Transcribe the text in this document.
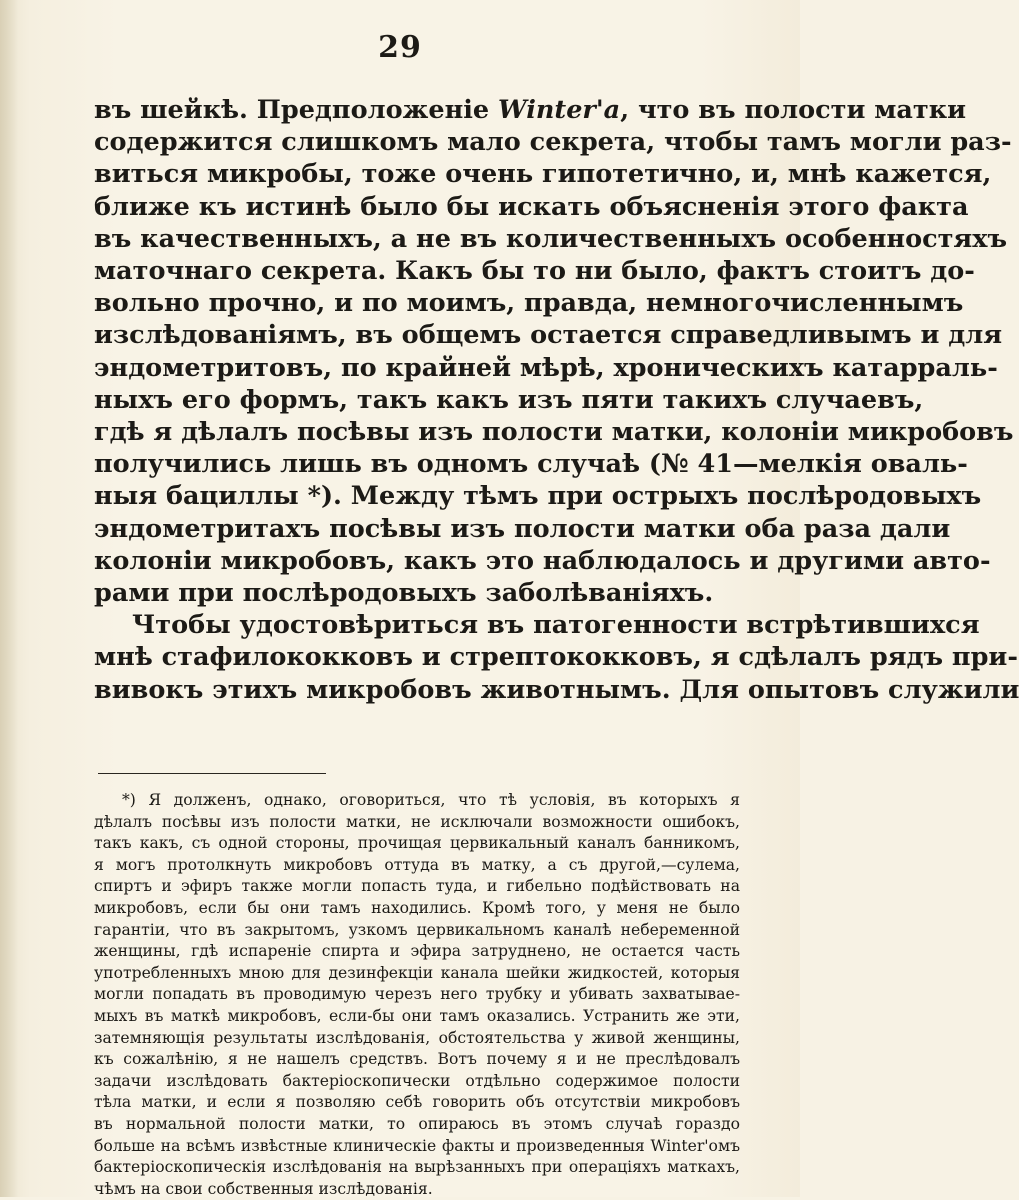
29
въ шейкѣ. Предположеніе Winter'a, что въ полости матки
содержится слишкомъ мало секрета, чтобы тамъ могли раз-
виться микробы, тоже очень гипотетично, и, мнѣ кажется,
ближе къ истинѣ было бы искать объясненія этого факта
въ качественныхъ, а не въ количественныхъ особенностяхъ
маточнаго секрета. Какъ бы то ни было, фактъ стоитъ до-
вольно прочно, и по моимъ, правда, немногочисленнымъ
изслѣдованіямъ, въ общемъ остается справедливымъ и для
эндометритовъ, по крайней мѣрѣ, хроническихъ катарраль-
ныхъ его формъ, такъ какъ изъ пяти такихъ случаевъ,
гдѣ я дѣлалъ посѣвы изъ полости матки, колоніи микробовъ
получились лишь въ одномъ случаѣ (№ 41—мелкія оваль-
ныя бациллы *). Между тѣмъ при острыхъ послѣродовыхъ
эндометритахъ посѣвы изъ полости матки оба раза дали
колоніи микробовъ, какъ это наблюдалось и другими авто-
рами при послѣродовыхъ заболѣваніяхъ.
Чтобы удостовѣриться въ патогенности встрѣтившихся
мнѣ стафилококковъ и стрептококковъ, я сдѣлалъ рядъ при-
вивокъ этихъ микробовъ животнымъ. Для опытовъ служили
*) Я долженъ, однако, оговориться, что тѣ условія, въ которыхъ я
дѣлалъ посѣвы изъ полости матки, не исключали возможности ошибокъ,
такъ какъ, съ одной стороны, прочищая цервикальный каналъ банникомъ,
я могъ протолкнуть микробовъ оттуда въ матку, а съ другой,—сулема,
спиртъ и эфиръ также могли попасть туда, и гибельно подѣйствовать на
микробовъ, если бы они тамъ находились. Кромѣ того, у меня не было
гарантіи, что въ закрытомъ, узкомъ цервикальномъ каналѣ небеременной
женщины, гдѣ испареніе спирта и эфира затруднено, не остается часть
употребленныхъ мною для дезинфекціи канала шейки жидкостей, которыя
могли попадать въ проводимую черезъ него трубку и убивать захватывае-
мыхъ въ маткѣ микробовъ, если-бы они тамъ оказались. Устранить же эти,
затемняющія результаты изслѣдованія, обстоятельства у живой женщины,
къ сожалѣнію, я не нашелъ средствъ. Вотъ почему я и не преслѣдовалъ
задачи изслѣдовать бактеріоскопически отдѣльно содержимое полости
тѣла матки, и если я позволяю себѣ говорить объ отсутствіи микробовъ
въ нормальной полости матки, то опираюсь въ этомъ случаѣ гораздо
больше на всѣмъ извѣстные клиническіе факты и произведенныя Winter'омъ
бактеріоскопическія изслѣдованія на вырѣзанныхъ при операціяхъ маткахъ,
чѣмъ на свои собственныя изслѣдованія.
